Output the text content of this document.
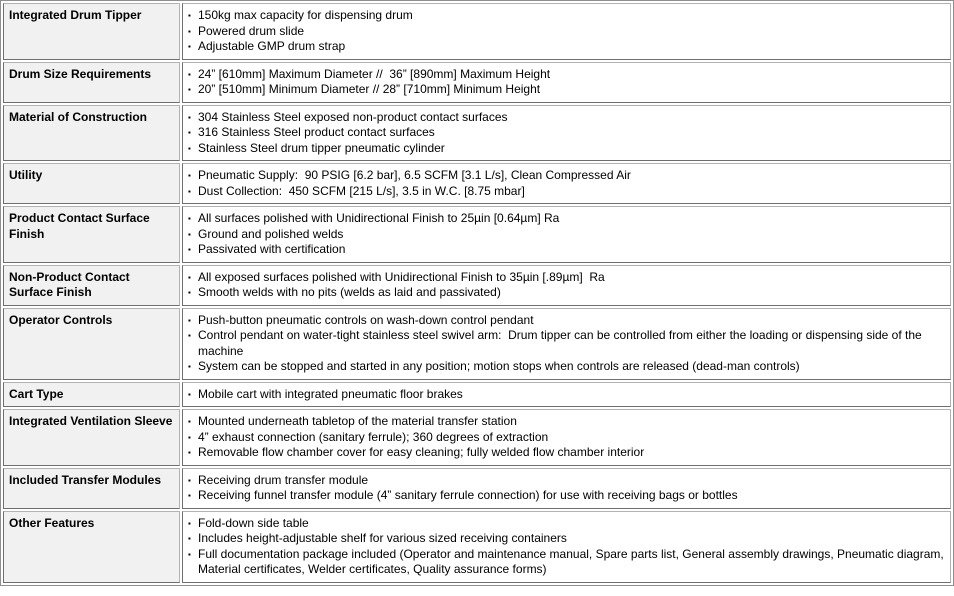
Integrated Drum Tipper	▪ 150kg max capacity for dispensing drum
▪ Powered drum slide
▪ Adjustable GMP drum strap

Drum Size Requirements	▪ 24” [610mm] Maximum Diameter //  36” [890mm] Maximum Height
▪ 20” [510mm] Minimum Diameter // 28” [710mm] Minimum Height

Material of Construction	▪ 304 Stainless Steel exposed non-product contact surfaces
▪ 316 Stainless Steel product contact surfaces
▪ Stainless Steel drum tipper pneumatic cylinder

Utility	▪ Pneumatic Supply:  90 PSIG [6.2 bar], 6.5 SCFM [3.1 L/s], Clean Compressed Air
▪ Dust Collection:  450 SCFM [215 L/s], 3.5 in W.C. [8.75 mbar]

Product Contact Surface Finish	
▪ All surfaces polished with Unidirectional Finish to 25µin [0.64µm] Ra
▪ Ground and polished welds
▪ Passivated with certification

Non-Product Contact Surface Finish	▪ All exposed surfaces polished with Unidirectional Finish to 35µin [.89µm]  Ra
▪ Smooth welds with no pits (welds as laid and passivated)

Operator Controls	▪ Push-button pneumatic controls on wash-down control pendant
▪ Control pendant on water-tight stainless steel swivel arm:  Drum tipper can be controlled from either the loading or dispensing side of the machine
▪ System can be stopped and started in any position; motion stops when controls are released (dead-man controls)

Cart Type	▪ Mobile cart with integrated pneumatic floor brakes

Integrated Ventilation Sleeve	▪ Mounted underneath tabletop of the material transfer station
▪ 4” exhaust connection (sanitary ferrule); 360 degrees of extraction
▪ Removable flow chamber cover for easy cleaning; fully welded flow chamber interior

Included Transfer Modules	▪ Receiving drum transfer module
▪ Receiving funnel transfer module (4” sanitary ferrule connection) for use with receiving bags or bottles

Other Features	▪ Fold-down side table
▪ Includes height-adjustable shelf for various sized receiving containers
▪ Full documentation package included (Operator and maintenance manual, Spare parts list, General assembly drawings, Pneumatic diagram, Material certificates, Welder certificates, Quality assurance forms)
